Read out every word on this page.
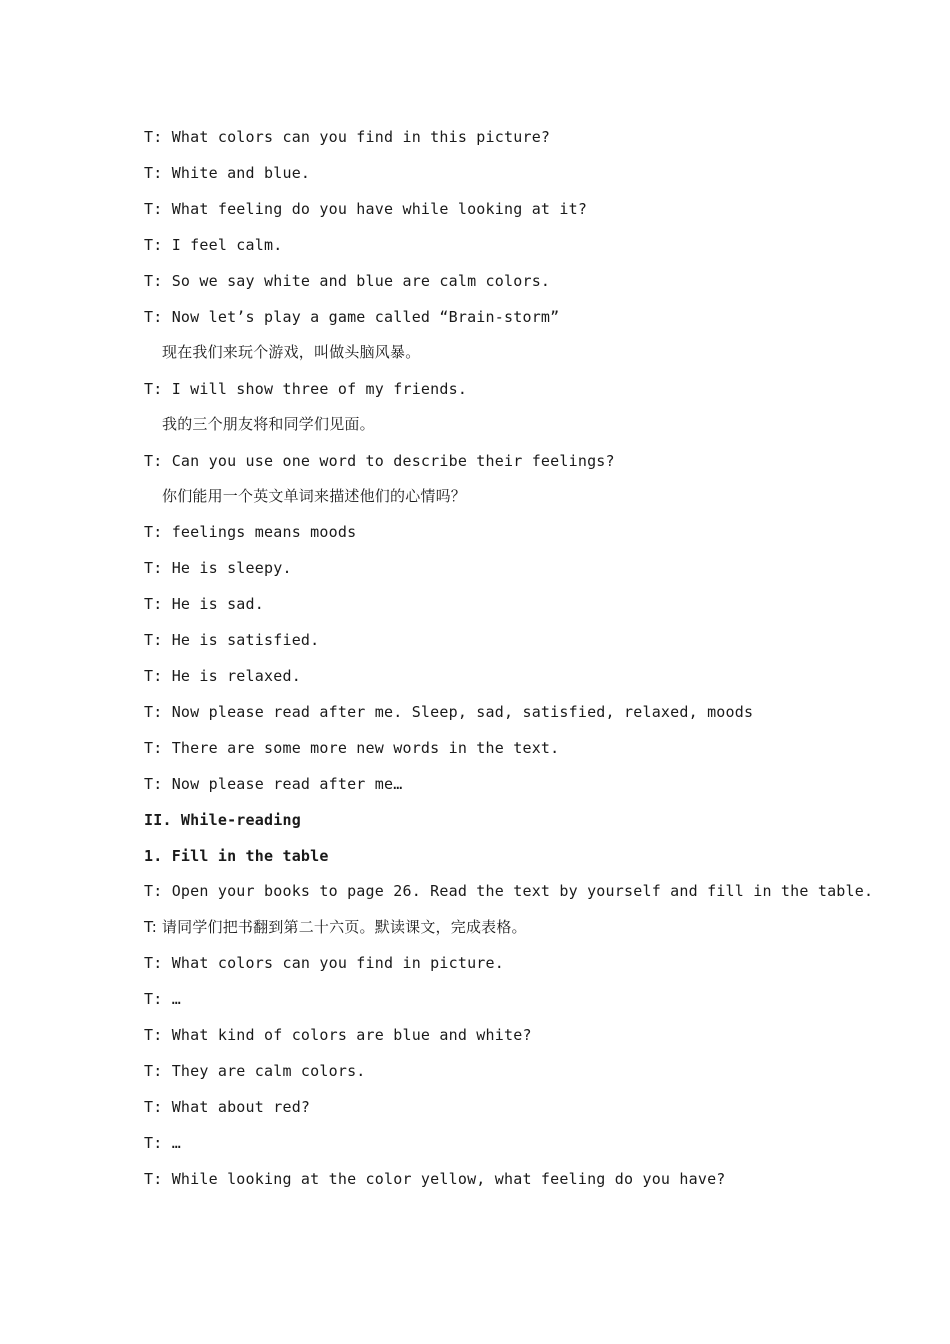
T: What colors can you find in this picture?
T: White and blue.
T: What feeling do you have while looking at it?
T: I feel calm.
T: So we say white and blue are calm colors.
T: Now let’s play a game called “Brain-storm”
现在我们来玩个游戏，叫做头脑风暴。
T: I will show three of my friends.
我的三个朋友将和同学们见面。
T: Can you use one word to describe their feelings?
你们能用一个英文单词来描述他们的心情吗？
T: feelings means moods
T: He is sleepy.
T: He is sad.
T: He is satisfied.
T: He is relaxed.
T: Now please read after me. Sleep, sad, satisfied, relaxed, moods
T: There are some more new words in the text.
T: Now please read after me…
II. While-reading
1. Fill in the table
T: Open your books to page 26. Read the text by yourself and fill in the table.
T: 请同学们把书翻到第二十六页。默读课文，完成表格。
T: What colors can you find in picture.
T: …
T: What kind of colors are blue and white?
T: They are calm colors.
T: What about red?
T: …
T: While looking at the color yellow, what feeling do you have?
